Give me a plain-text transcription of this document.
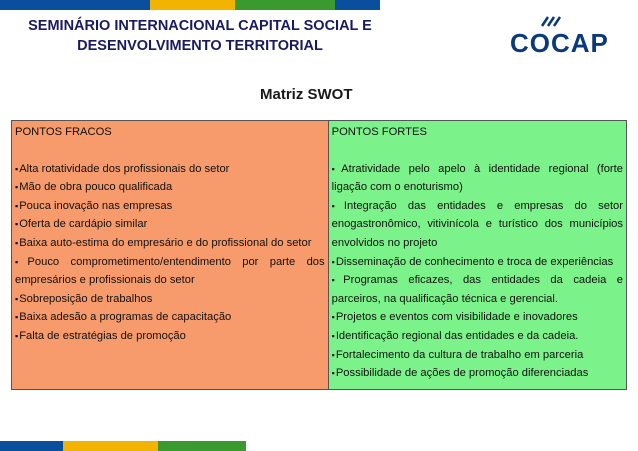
SEMINÁRIO INTERNACIONAL CAPITAL SOCIAL E DESENVOLVIMENTO TERRITORIAL	COCAP
Matriz SWOT
PONTOS FRACOS
▪Alta rotatividade dos profissionais do setor
▪Mão de obra pouco qualificada
▪Pouca inovação nas empresas
▪Oferta de cardápio similar
▪Baixa auto-estima do empresário e do profissional do setor
▪Pouco comprometimento/entendimento por parte dos empresários e profissionais do setor
▪Sobreposição de trabalhos
▪Baixa adesão a programas de capacitação
▪Falta de estratégias de promoção

PONTOS FORTES
▪Atratividade pelo apelo à identidade regional (forte ligação com o enoturismo)
▪Integração das entidades e empresas do setor enogastronômico, vitivinícola e turístico dos municípios envolvidos no projeto
▪Disseminação de conhecimento e troca de experiências
▪Programas eficazes, das entidades da cadeia e parceiros, na qualificação técnica e gerencial.
▪Projetos e eventos com visibilidade e inovadores
▪Identificação regional das entidades e da cadeia.
▪Fortalecimento da cultura de trabalho em parceria
▪Possibilidade de ações de promoção diferenciadas
